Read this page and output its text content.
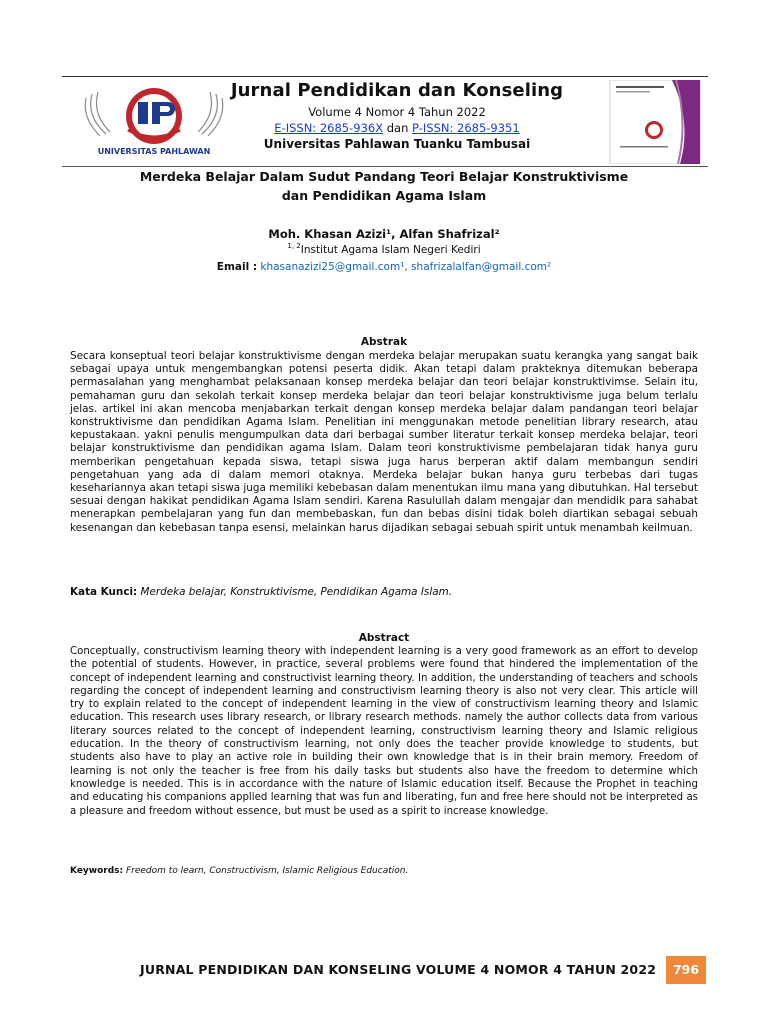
UNIVERSITAS PAHLAWAN
Jurnal Pendidikan dan Konseling
Volume 4 Nomor 4 Tahun 2022
E-ISSN: 2685-936X dan P-ISSN: 2685-9351
Universitas Pahlawan Tuanku Tambusai
Merdeka Belajar Dalam Sudut Pandang Teori Belajar Konstruktivisme
dan Pendidikan Agama Islam
Moh. Khasan Azizi¹, Alfan Shafrizal²
$^{1, 2}$Institut Agama Islam Negeri Kediri
Email : khasanazizi25@gmail.com¹, shafrizalalfan@gmail.com²
Abstrak
Secara konseptual teori belajar konstruktivisme dengan merdeka belajar merupakan suatu kerangka yang sangat baik sebagai upaya untuk mengembangkan potensi peserta didik. Akan tetapi dalam prakteknya ditemukan beberapa permasalahan yang menghambat pelaksanaan konsep merdeka belajar dan teori belajar konstruktivimse. Selain itu, pemahaman guru dan sekolah terkait konsep merdeka belajar dan teori belajar konstruktivisme juga belum terlalu jelas. artikel ini akan mencoba menjabarkan terkait dengan konsep merdeka belajar dalam pandangan teori belajar konstruktivisme dan pendidikan Agama Islam. Penelitian ini menggunakan metode penelitian library research, atau kepustakaan. yakni penulis mengumpulkan data dari berbagai sumber literatur terkait konsep merdeka belajar, teori belajar konstruktivisme dan pendidikan agama Islam. Dalam teori konstruktivisme pembelajaran tidak hanya guru memberikan pengetahuan kepada siswa, tetapi siswa juga harus berperan aktif dalam membangun sendiri pengetahuan yang ada di dalam memori otaknya. Merdeka belajar bukan hanya guru terbebas dari tugas kesehariannya akan tetapi siswa juga memiliki kebebasan dalam menentukan ilmu mana yang dibutuhkan. Hal tersebut sesuai dengan hakikat pendidikan Agama Islam sendiri. Karena Rasulullah dalam mengajar dan mendidik para sahabat menerapkan pembelajaran yang fun dan membebaskan, fun dan bebas disini tidak boleh diartikan sebagai sebuah kesenangan dan kebebasan tanpa esensi, melainkan harus dijadikan sebagai sebuah spirit untuk menambah keilmuan.
Kata Kunci: Merdeka belajar, Konstruktivisme, Pendidikan Agama Islam.
Abstract
Conceptually, constructivism learning theory with independent learning is a very good framework as an effort to develop the potential of students. However, in practice, several problems were found that hindered the implementation of the concept of independent learning and constructivist learning theory. In addition, the understanding of teachers and schools regarding the concept of independent learning and constructivism learning theory is also not very clear. This article will try to explain related to the concept of independent learning in the view of constructivism learning theory and Islamic education. This research uses library research, or library research methods. namely the author collects data from various literary sources related to the concept of independent learning, constructivism learning theory and Islamic religious education. In the theory of constructivism learning, not only does the teacher provide knowledge to students, but students also have to play an active role in building their own knowledge that is in their brain memory. Freedom of learning is not only the teacher is free from his daily tasks but students also have the freedom to determine which knowledge is needed. This is in accordance with the nature of Islamic education itself. Because the Prophet in teaching and educating his companions applied learning that was fun and liberating, fun and free here should not be interpreted as a pleasure and freedom without essence, but must be used as a spirit to increase knowledge.
Keywords: Freedom to learn, Constructivism, Islamic Religious Education.
JURNAL PENDIDIKAN DAN KONSELING VOLUME 4 NOMOR 4 TAHUN 2022	796
